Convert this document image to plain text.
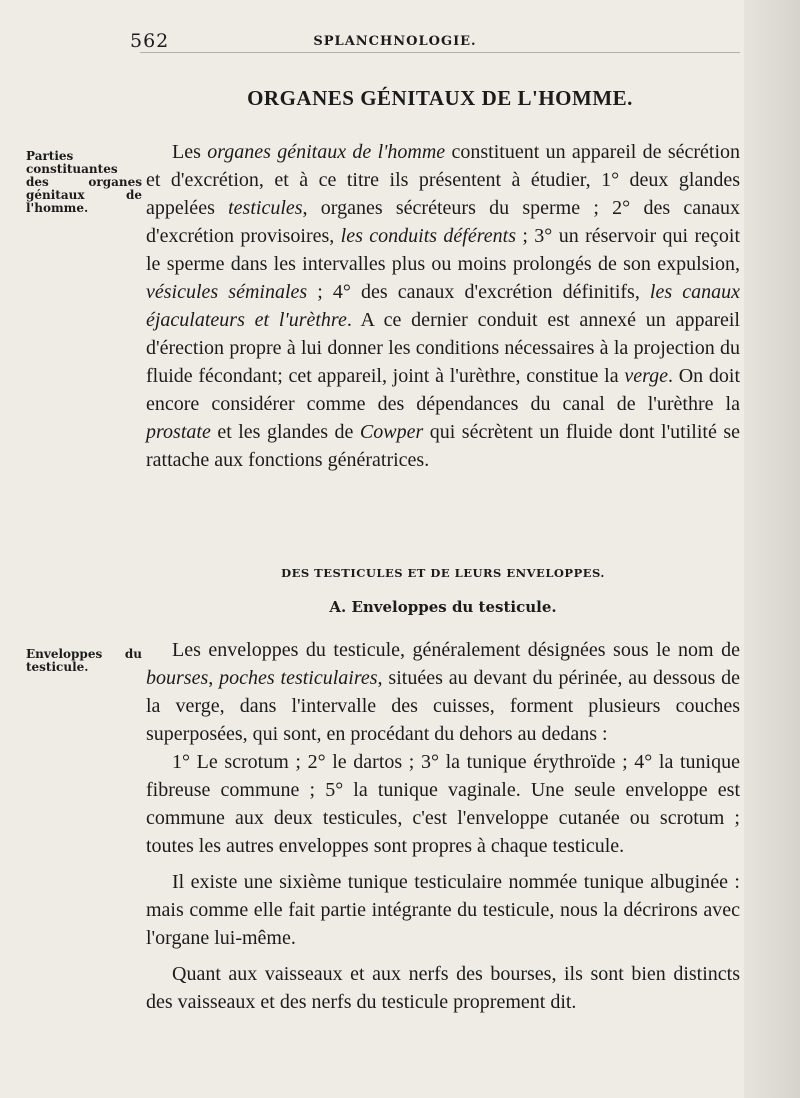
562	SPLANCHNOLOGIE.
ORGANES GÉNITAUX DE L'HOMME.
Parties constituantes des organes génitaux de l'homme.

Les organes génitaux de l'homme constituent un appareil de sécrétion et d'excrétion, et à ce titre ils présentent à étudier, 1° deux glandes appelées testicules, organes sécréteurs du sperme ; 2° des canaux d'excrétion provisoires, les conduits déférents ; 3° un réservoir qui reçoit le sperme dans les intervalles plus ou moins prolongés de son expulsion, vésicules séminales ; 4° des canaux d'excrétion définitifs, les canaux éjaculateurs et l'urèthre. A ce dernier conduit est annexé un appareil d'érection propre à lui donner les conditions nécessaires à la projection du fluide fécondant; cet appareil, joint à l'urèthre, constitue la verge. On doit encore considérer comme des dépendances du canal de l'urèthre la prostate et les glandes de Cowper qui sécrètent un fluide dont l'utilité se rattache aux fonctions génératrices.

DES TESTICULES ET DE LEURS ENVELOPPES.
A. Enveloppes du testicule.
Enveloppes du testicule.

Les enveloppes du testicule, généralement désignées sous le nom de bourses, poches testiculaires, situées au devant du périnée, au dessous de la verge, dans l'intervalle des cuisses, forment plusieurs couches superposées, qui sont, en procédant du dehors au dedans :

1° Le scrotum ; 2° le dartos ; 3° la tunique érythroïde ; 4° la tunique fibreuse commune ; 5° la tunique vaginale. Une seule enveloppe est commune aux deux testicules, c'est l'enveloppe cutanée ou scrotum ; toutes les autres enveloppes sont propres à chaque testicule.

Il existe une sixième tunique testiculaire nommée tunique albuginée : mais comme elle fait partie intégrante du testicule, nous la décrirons avec l'organe lui-même.

Quant aux vaisseaux et aux nerfs des bourses, ils sont bien distincts des vaisseaux et des nerfs du testicule proprement dit.
